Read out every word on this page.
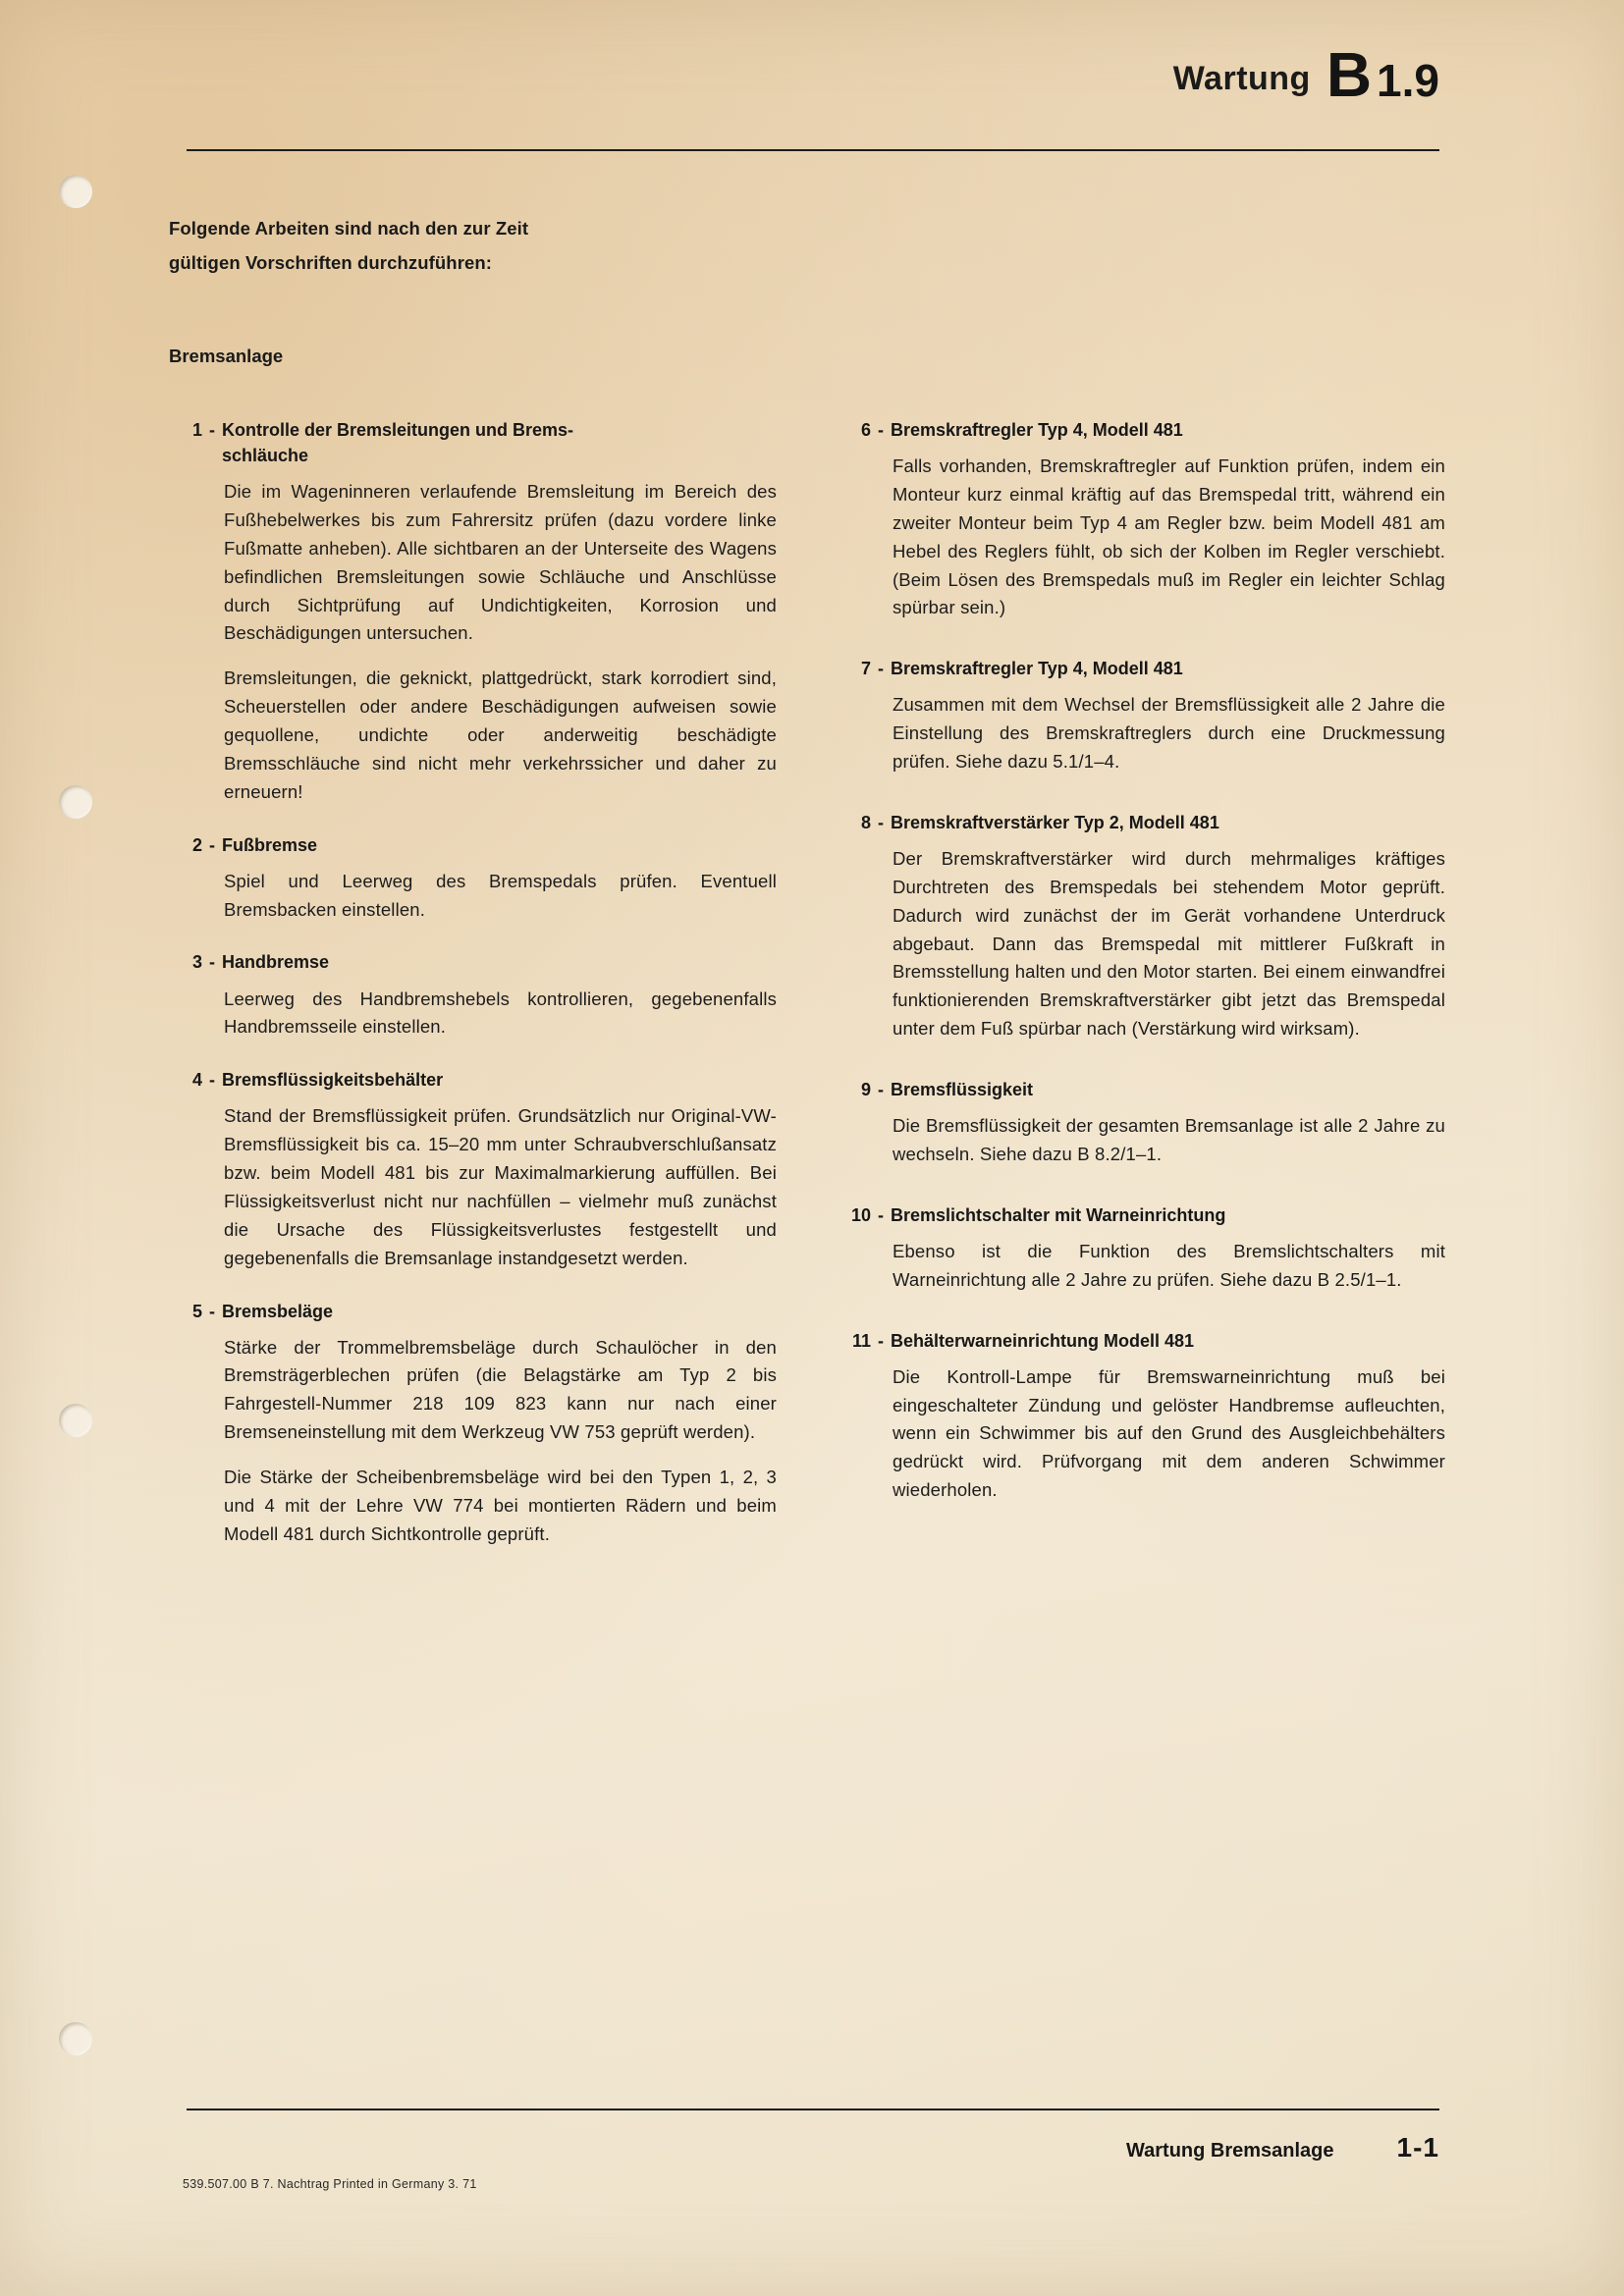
Wartung B 1.9
Folgende Arbeiten sind nach den zur Zeit
gültigen Vorschriften durchzuführen:
Bremsanlage
1 - Kontrolle der Bremsleitungen und Brems-
schläuche

Die im Wageninneren verlaufende Bremsleitung im Bereich des Fußhebelwerkes bis zum Fahrersitz prüfen (dazu vordere linke Fußmatte anheben). Alle sichtbaren an der Unterseite des Wagens befindlichen Bremsleitungen sowie Schläuche und Anschlüsse durch Sichtprüfung auf Undichtigkeiten, Korrosion und Beschädigungen untersuchen.

Bremsleitungen, die geknickt, plattgedrückt, stark korrodiert sind, Scheuerstellen oder andere Beschädigungen aufweisen sowie gequollene, undichte oder anderweitig beschädigte Bremsschläuche sind nicht mehr verkehrssicher und daher zu erneuern!

2 - Fußbremse

Spiel und Leerweg des Bremspedals prüfen. Eventuell Bremsbacken einstellen.

3 - Handbremse

Leerweg des Handbremshebels kontrollieren, gegebenenfalls Handbremsseile einstellen.

4 - Bremsflüssigkeitsbehälter

Stand der Bremsflüssigkeit prüfen. Grundsätzlich nur Original-VW-Bremsflüssigkeit bis ca. 15–20 mm unter Schraubverschlußansatz bzw. beim Modell 481 bis zur Maximalmarkierung auffüllen. Bei Flüssigkeitsverlust nicht nur nachfüllen – vielmehr muß zunächst die Ursache des Flüssigkeitsverlustes festgestellt und gegebenenfalls die Bremsanlage instandgesetzt werden.

5 - Bremsbeläge

Stärke der Trommelbremsbeläge durch Schaulöcher in den Bremsträgerblechen prüfen (die Belagstärke am Typ 2 bis Fahrgestell-Nummer 218 109 823 kann nur nach einer Bremseneinstellung mit dem Werkzeug VW 753 geprüft werden).

Die Stärke der Scheibenbremsbeläge wird bei den Typen 1, 2, 3 und 4 mit der Lehre VW 774 bei montierten Rädern und beim Modell 481 durch Sichtkontrolle geprüft.

6 - Bremskraftregler Typ 4, Modell 481

Falls vorhanden, Bremskraftregler auf Funktion prüfen, indem ein Monteur kurz einmal kräftig auf das Bremspedal tritt, während ein zweiter Monteur beim Typ 4 am Regler bzw. beim Modell 481 am Hebel des Reglers fühlt, ob sich der Kolben im Regler verschiebt. (Beim Lösen des Bremspedals muß im Regler ein leichter Schlag spürbar sein.)

7 - Bremskraftregler Typ 4, Modell 481

Zusammen mit dem Wechsel der Bremsflüssigkeit alle 2 Jahre die Einstellung des Bremskraftreglers durch eine Druckmessung prüfen. Siehe dazu 5.1/1–4.

8 - Bremskraftverstärker Typ 2, Modell 481

Der Bremskraftverstärker wird durch mehrmaliges kräftiges Durchtreten des Bremspedals bei stehendem Motor geprüft. Dadurch wird zunächst der im Gerät vorhandene Unterdruck abgebaut. Dann das Bremspedal mit mittlerer Fußkraft in Bremsstellung halten und den Motor starten. Bei einem einwandfrei funktionierenden Bremskraftverstärker gibt jetzt das Bremspedal unter dem Fuß spürbar nach (Verstärkung wird wirksam).

9 - Bremsflüssigkeit

Die Bremsflüssigkeit der gesamten Bremsanlage ist alle 2 Jahre zu wechseln. Siehe dazu B 8.2/1–1.

10 - Bremslichtschalter mit Warneinrichtung

Ebenso ist die Funktion des Bremslichtschalters mit Warneinrichtung alle 2 Jahre zu prüfen. Siehe dazu B 2.5/1–1.

11 - Behälterwarneinrichtung Modell 481

Die Kontroll-Lampe für Bremswarneinrichtung muß bei eingeschalteter Zündung und gelöster Handbremse aufleuchten, wenn ein Schwimmer bis auf den Grund des Ausgleichbehälters gedrückt wird. Prüfvorgang mit dem anderen Schwimmer wiederholen.

Wartung Bremsanlage 1-1
539.507.00 B 7. Nachtrag Printed in Germany 3. 71
